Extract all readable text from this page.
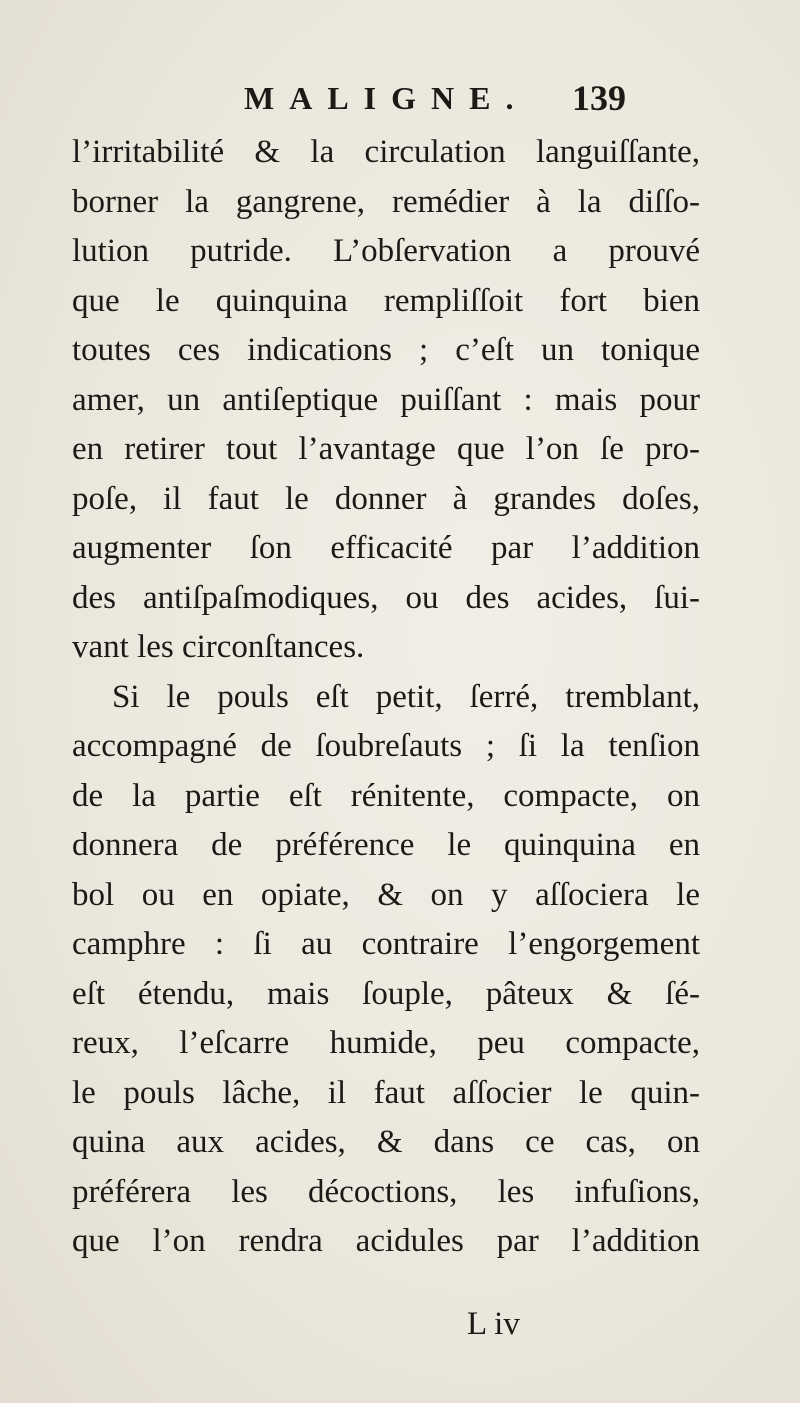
MALIGNE. 139
l’irritabilité & la circulation languiſſante,
borner la gangrene, remédier à la diſſo-
lution putride. L’obſervation a prouvé
que le quinquina rempliſſoit fort bien
toutes ces indications ; c’eſt un tonique
amer, un antiſeptique puiſſant : mais pour
en retirer tout l’avantage que l’on ſe pro-
poſe, il faut le donner à grandes doſes,
augmenter ſon efficacité par l’addition
des antiſpaſmodiques, ou des acides, ſui-
vant les circonſtances.
Si le pouls eſt petit, ſerré, tremblant,
accompagné de ſoubreſauts ; ſi la tenſion
de la partie eſt rénitente, compacte, on
donnera de préférence le quinquina en
bol ou en opiate, & on y aſſociera le
camphre : ſi au contraire l’engorgement
eſt étendu, mais ſouple, pâteux & ſé-
reux, l’eſcarre humide, peu compacte,
le pouls lâche, il faut aſſocier le quin-
quina aux acides, & dans ce cas, on
préférera les décoctions, les infuſions,
que l’on rendra acidules par l’addition
L iv
